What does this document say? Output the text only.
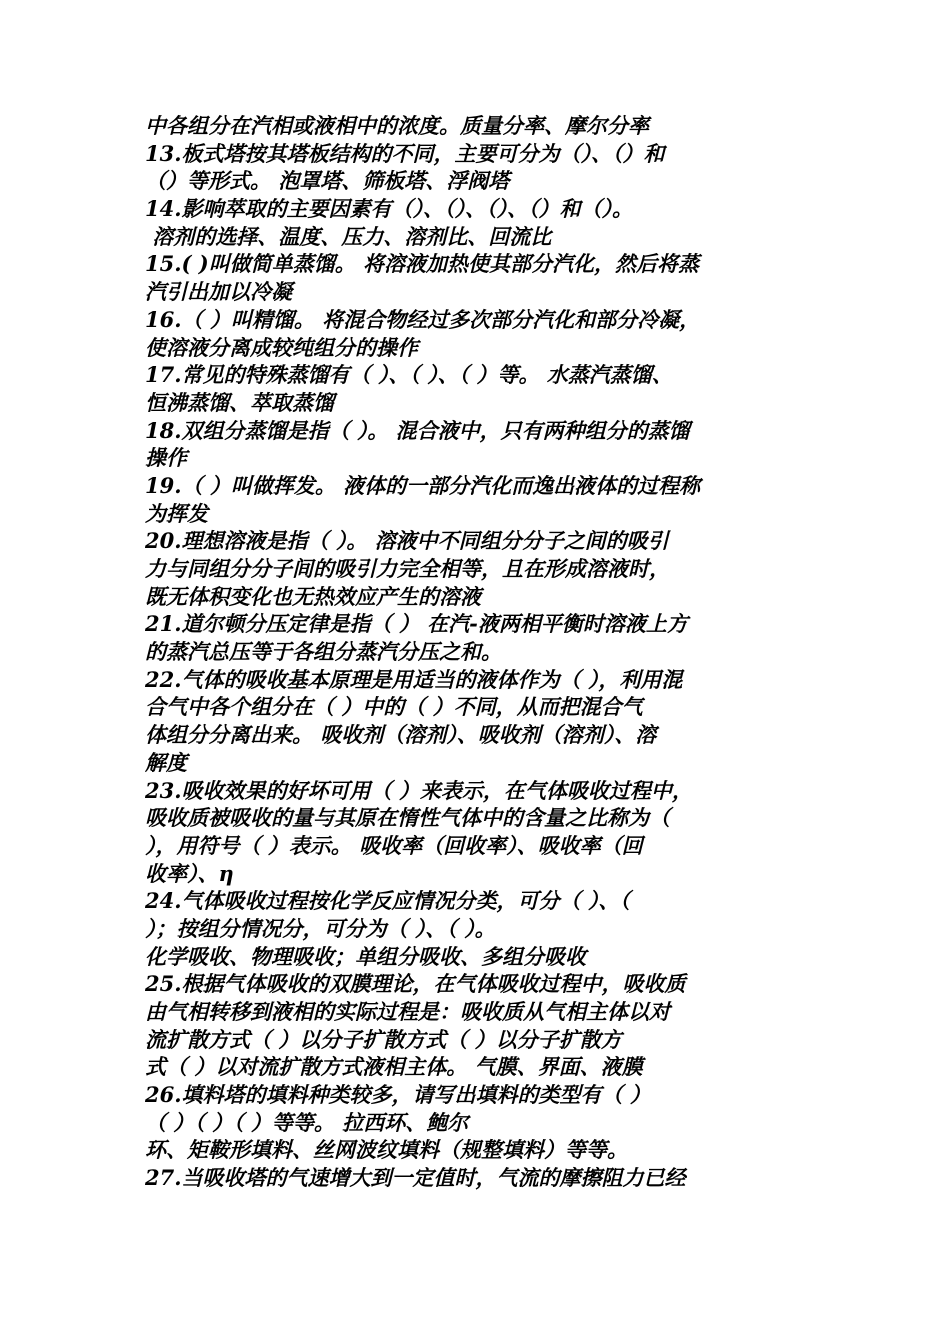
中各组分在汽相或液相中的浓度。质量分率、摩尔分率
13.板式塔按其塔板结构的不同，主要可分为（）、（）和
（）等形式。 泡罩塔、筛板塔、浮阀塔
14.影响萃取的主要因素有（）、（）、（）、（）和（）。
溶剂的选择、温度、压力、溶剂比、回流比
15.( )叫做简单蒸馏。 将溶液加热使其部分汽化，然后将蒸
汽引出加以冷凝
16.（ ）叫精馏。 将混合物经过多次部分汽化和部分冷凝，
使溶液分离成较纯组分的操作
17.常见的特殊蒸馏有（ ）、（ ）、（ ）等。 水蒸汽蒸馏、
恒沸蒸馏、萃取蒸馏
18.双组分蒸馏是指（ ）。 混合液中，只有两种组分的蒸馏
操作
19.（ ）叫做挥发。 液体的一部分汽化而逸出液体的过程称
为挥发
20.理想溶液是指（ ）。 溶液中不同组分分子之间的吸引
力与同组分分子间的吸引力完全相等，且在形成溶液时，
既无体积变化也无热效应产生的溶液
21.道尔顿分压定律是指（ ） 在汽-液两相平衡时溶液上方
的蒸汽总压等于各组分蒸汽分压之和。
22.气体的吸收基本原理是用适当的液体作为（ ），利用混
合气中各个组分在（ ）中的（ ）不同，从而把混合气
体组分分离出来。 吸收剂（溶剂）、吸收剂（溶剂）、溶
解度
23.吸收效果的好坏可用（ ）来表示，在气体吸收过程中，
吸收质被吸收的量与其原在惰性气体中的含量之比称为（
），用符号（ ）表示。 吸收率（回收率）、吸收率（回
收率）、η
24.气体吸收过程按化学反应情况分类，可分（ ）、（
）；按组分情况分，可分为（ ）、（ ）。
化学吸收、物理吸收；单组分吸收、多组分吸收
25.根据气体吸收的双膜理论，在气体吸收过程中，吸收质
由气相转移到液相的实际过程是：吸收质从气相主体以对
流扩散方式（ ）以分子扩散方式（ ）以分子扩散方
式（ ）以对流扩散方式液相主体。 气膜、界面、液膜
26.填料塔的填料种类较多，请写出填料的类型有（ ）
（ ）（ ）（ ）等等。 拉西环、鲍尔
环、矩鞍形填料、丝网波纹填料（规整填料）等等。
27.当吸收塔的气速增大到一定值时，气流的摩擦阻力已经
